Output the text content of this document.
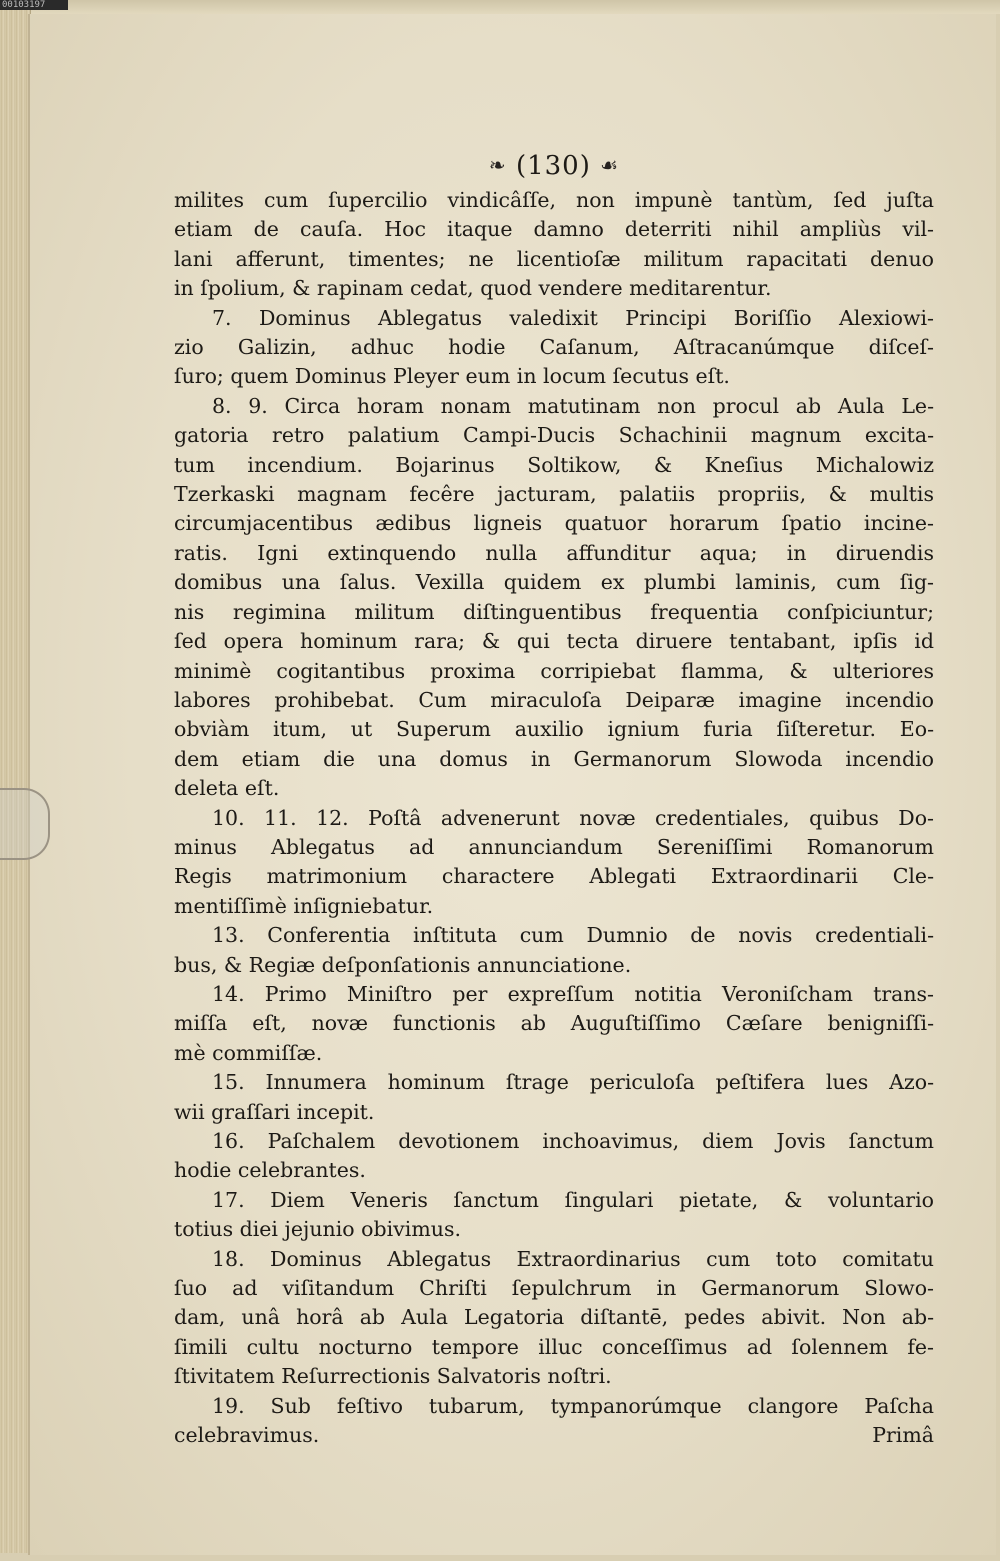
00103197
❧ (130) ☙
milites cum ſupercilio vindicâſſe, non impunè tantùm, ſed juſta
etiam de cauſa. Hoc itaque damno deterriti nihil ampliùs vil-
lani afferunt, timentes; ne licentioſæ militum rapacitati denuo
in ſpolium, & rapinam cedat, quod vendere meditarentur.
7. Dominus Ablegatus valedixit Principi Boriſſio Alexiowi-
zio Galizin, adhuc hodie Caſanum, Aſtracanúmque diſceſ-
ſuro; quem Dominus Pleyer eum in locum ſecutus eſt.
8. 9. Circa horam nonam matutinam non procul ab Aula Le-
gatoria retro palatium Campi-Ducis Schachinii magnum excita-
tum incendium. Bojarinus Soltikow, & Kneſius Michalowiz
Tzerkaski magnam fecêre jacturam, palatiis propriis, & multis
circumjacentibus ædibus ligneis quatuor horarum ſpatio incine-
ratis. Igni extinquendo nulla affunditur aqua; in diruendis
domibus una ſalus. Vexilla quidem ex plumbi laminis, cum ſig-
nis regimina militum diſtinguentibus frequentia conſpiciuntur;
ſed opera hominum rara; & qui tecta diruere tentabant, ipſis id
minimè cogitantibus proxima corripiebat flamma, & ulteriores
labores prohibebat. Cum miraculoſa Deiparæ imagine incendio
obviàm itum, ut Superum auxilio ignium furia ſiſteretur. Eo-
dem etiam die una domus in Germanorum Slowoda incendio
deleta eſt.
10. 11. 12. Poſtâ advenerunt novæ credentiales, quibus Do-
minus Ablegatus ad annunciandum Sereniſſimi Romanorum
Regis matrimonium charactere Ablegati Extraordinarii Cle-
mentiſſimè inſigniebatur.
13. Conferentia inſtituta cum Dumnio de novis credentiali-
bus, & Regiæ deſponſationis annunciatione.
14. Primo Miniſtro per expreſſum notitia Veroniſcham trans-
miſſa eſt, novæ functionis ab Auguſtiſſimo Cæſare benigniſſi-
mè commiſſæ.
15. Innumera hominum ſtrage periculoſa peſtifera lues Azo-
wii graſſari incepit.
16. Paſchalem devotionem inchoavimus, diem Jovis ſanctum
hodie celebrantes.
17. Diem Veneris ſanctum ſingulari pietate, & voluntario
totius diei jejunio obivimus.
18. Dominus Ablegatus Extraordinarius cum toto comitatu
ſuo ad viſitandum Chriſti ſepulchrum in Germanorum Slowo-
dam, unâ horâ ab Aula Legatoria diſtantē, pedes abivit. Non ab-
ſimili cultu nocturno tempore illuc conceſſimus ad ſolennem fe-
ſtivitatem Reſurrectionis Salvatoris noſtri.
19. Sub feſtivo tubarum, tympanorúmque clangore Paſcha
celebravimus.	Primâ
